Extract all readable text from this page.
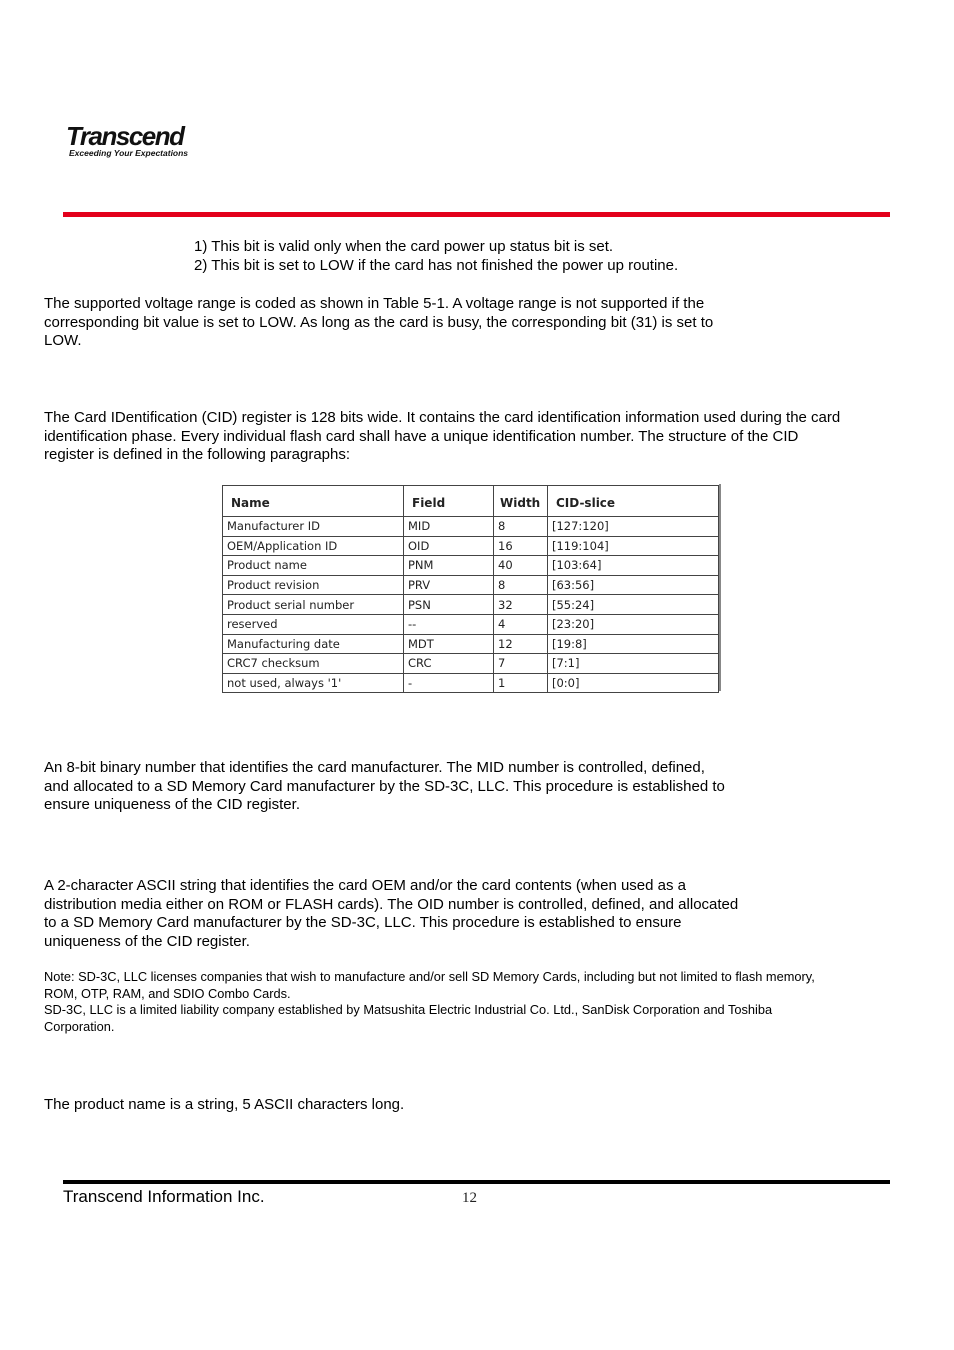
Transcend
Exceeding Your Expectations
1) This bit is valid only when the card power up status bit is set.
2) This bit is set to LOW if the card has not finished the power up routine.
The supported voltage range is coded as shown in Table 5-1. A voltage range is not supported if the
corresponding bit value is set to LOW. As long as the card is busy, the corresponding bit (31) is set to
LOW.
The Card IDentification (CID) register is 128 bits wide. It contains the card identification information used during the card
identification phase. Every individual flash card shall have a unique identification number. The structure of the CID
register is defined in the following paragraphs:
Name	Field	Width	CID-slice
Manufacturer ID	MID	8	[127:120]
OEM/Application ID	OID	16	[119:104]
Product name	PNM	40	[103:64]
Product revision	PRV	8	[63:56]
Product serial number	PSN	32	[55:24]
reserved	--	4	[23:20]
Manufacturing date	MDT	12	[19:8]
CRC7 checksum	CRC	7	[7:1]
not used, always '1'	-	1	[0:0]
An 8-bit binary number that identifies the card manufacturer. The MID number is controlled, defined,
and allocated to a SD Memory Card manufacturer by the SD-3C, LLC. This procedure is established to
ensure uniqueness of the CID register.
A 2-character ASCII string that identifies the card OEM and/or the card contents (when used as a
distribution media either on ROM or FLASH cards). The OID number is controlled, defined, and allocated
to a SD Memory Card manufacturer by the SD-3C, LLC. This procedure is established to ensure
uniqueness of the CID register.
Note: SD-3C, LLC licenses companies that wish to manufacture and/or sell SD Memory Cards, including but not limited to flash memory,
ROM, OTP, RAM, and SDIO Combo Cards.
SD-3C, LLC is a limited liability company established by Matsushita Electric Industrial Co. Ltd., SanDisk Corporation and Toshiba
Corporation.
The product name is a string, 5 ASCII characters long.
Transcend Information Inc.	12
